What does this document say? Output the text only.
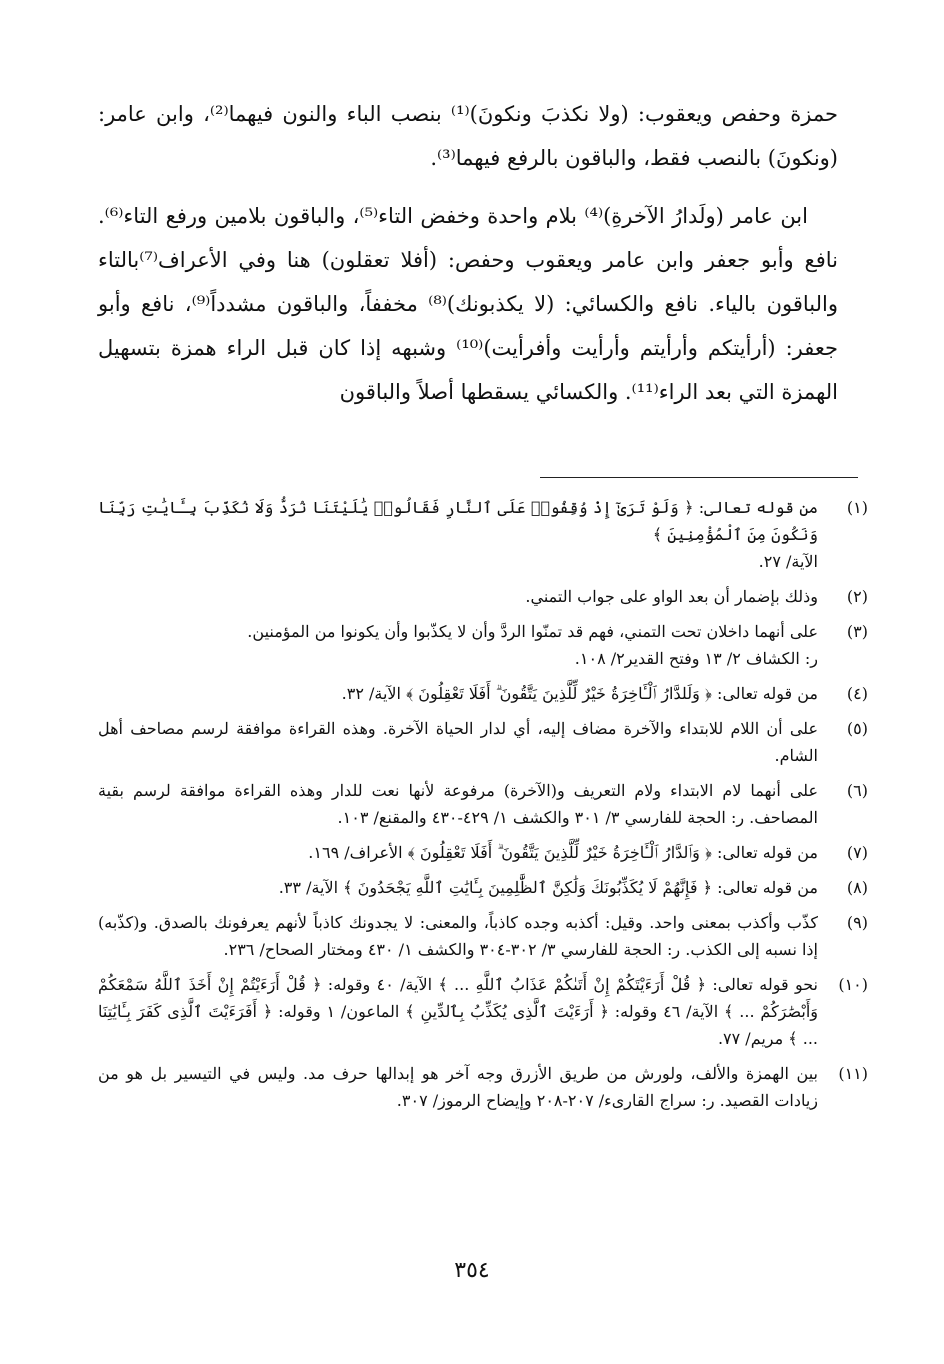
حمزة وحفص ويعقوب: (ولا نكذبَ ونكونَ)⁽¹⁾ بنصب الباء والنون فيهما⁽²⁾، وابن عامر: (ونكونَ) بالنصب فقط، والباقون بالرفع فيهما⁽³⁾.

ابن عامر (ولَدارُ الآخرةِ)⁽⁴⁾ بلام واحدة وخفض التاء⁽⁵⁾، والباقون بلامين ورفع التاء⁽⁶⁾. نافع وأبو جعفر وابن عامر ويعقوب وحفص: (أفلا تعقلون) هنا وفي الأعراف⁽⁷⁾بالتاء والباقون بالياء. نافع والكسائي: (لا يكذبونك)⁽⁸⁾ مخففاً، والباقون مشدداً⁽⁹⁾، نافع وأبو جعفر: (أرأيتكم وأرأيتم وأرأيت وأفرأيت)⁽¹⁰⁾ وشبهه إذا كان قبل الراء همزة بتسهيل الهمزة التي بعد الراء⁽¹¹⁾. والكسائي يسقطها أصلاً والباقون

(١)
من قوله تعالى: ﴿ وَلَوْ تَرَىٰٓ إِذْ وُقِفُوا۟ عَلَى ٱلنَّارِ فَقَالُوا۟ يَٰلَيْتَنَا نُرَدُّ وَلَا نُكَذِّبَ بِـَٔايَٰتِ رَبِّنَا وَنَكُونَ مِنَ ٱلْمُؤْمِنِينَ ﴾
الآية/ ٢٧.
(٢)
وذلك بإضمار أن بعد الواو على جواب التمني.
(٣)
على أنهما داخلان تحت التمني، فهم قد تمنّوا الردَّ وأن لا يكذّبوا وأن يكونوا من المؤمنين.
ر: الكشاف ٢/ ١٣ وفتح القدير٢/ ١٠٨.
(٤)
من قوله تعالى: ﴿ وَلَلدَّارُ ٱلْـَٔاخِرَةُ خَيْرٌ لِّلَّذِينَ يَتَّقُونَ ۗ أَفَلَا تَعْقِلُونَ ﴾ الآية/ ٣٢.
(٥)
على أن اللام للابتداء والآخرة مضاف إليه، أي لدار الحياة الآخرة. وهذه القراءة موافقة لرسم مصاحف أهل الشام.
(٦)
على أنهما لام الابتداء ولام التعريف و(الآخرة) مرفوعة لأنها نعت للدار وهذه القراءة موافقة لرسم بقية المصاحف. ر: الحجة للفارسي ٣/ ٣٠١ والكشف ١/ ٤٢٩-٤٣٠ والمقنع/ ١٠٣.
(٧)
من قوله تعالى: ﴿ وَٱلدَّارُ ٱلْـَٔاخِرَةُ خَيْرٌ لِّلَّذِينَ يَتَّقُونَ ۗ أَفَلَا تَعْقِلُونَ ﴾ الأعراف/ ١٦٩.
(٨)
من قوله تعالى: ﴿ فَإِنَّهُمْ لَا يُكَذِّبُونَكَ وَلَٰكِنَّ ٱلظَّٰلِمِينَ بِـَٔايَٰتِ ٱللَّهِ يَجْحَدُونَ ﴾ الآية/ ٣٣.
(٩)
كذّب وأكذب بمعنى واحد. وقيل: أكذبه وجده كاذباً، والمعنى: لا يجدونك كاذباً لأنهم يعرفونك بالصدق. و(كذّبه) إذا نسبه إلى الكذب. ر: الحجة للفارسي ٣/ ٣٠٢-٣٠٤ والكشف ١/ ٤٣٠ ومختار الصحاح/ ٢٣٦.
(١٠)
نحو قوله تعالى: ﴿ قُلْ أَرَءَيْتَكُمْ إِنْ أَتَىٰكُمْ عَذَابُ ٱللَّهِ ... ﴾ الآية/ ٤٠ وقوله: ﴿ قُلْ أَرَءَيْتُمْ إِنْ أَخَذَ ٱللَّهُ سَمْعَكُمْ وَأَبْصَٰرَكُمْ ... ﴾ الآية/ ٤٦ وقوله: ﴿ أَرَءَيْتَ ٱلَّذِى يُكَذِّبُ بِٱلدِّينِ ﴾ الماعون/ ١ وقوله: ﴿ أَفَرَءَيْتَ ٱلَّذِى كَفَرَ بِـَٔايَٰتِنَا ... ﴾ مريم/ ٧٧.
(١١)
بين الهمزة والألف، ولورش من طريق الأزرق وجه آخر هو إبدالها حرف مد. وليس في التيسير بل هو من زيادات القصيد. ر: سراج القارىء/ ٢٠٧-٢٠٨ وإيضاح الرموز/ ٣٠٧.
٣٥٤
